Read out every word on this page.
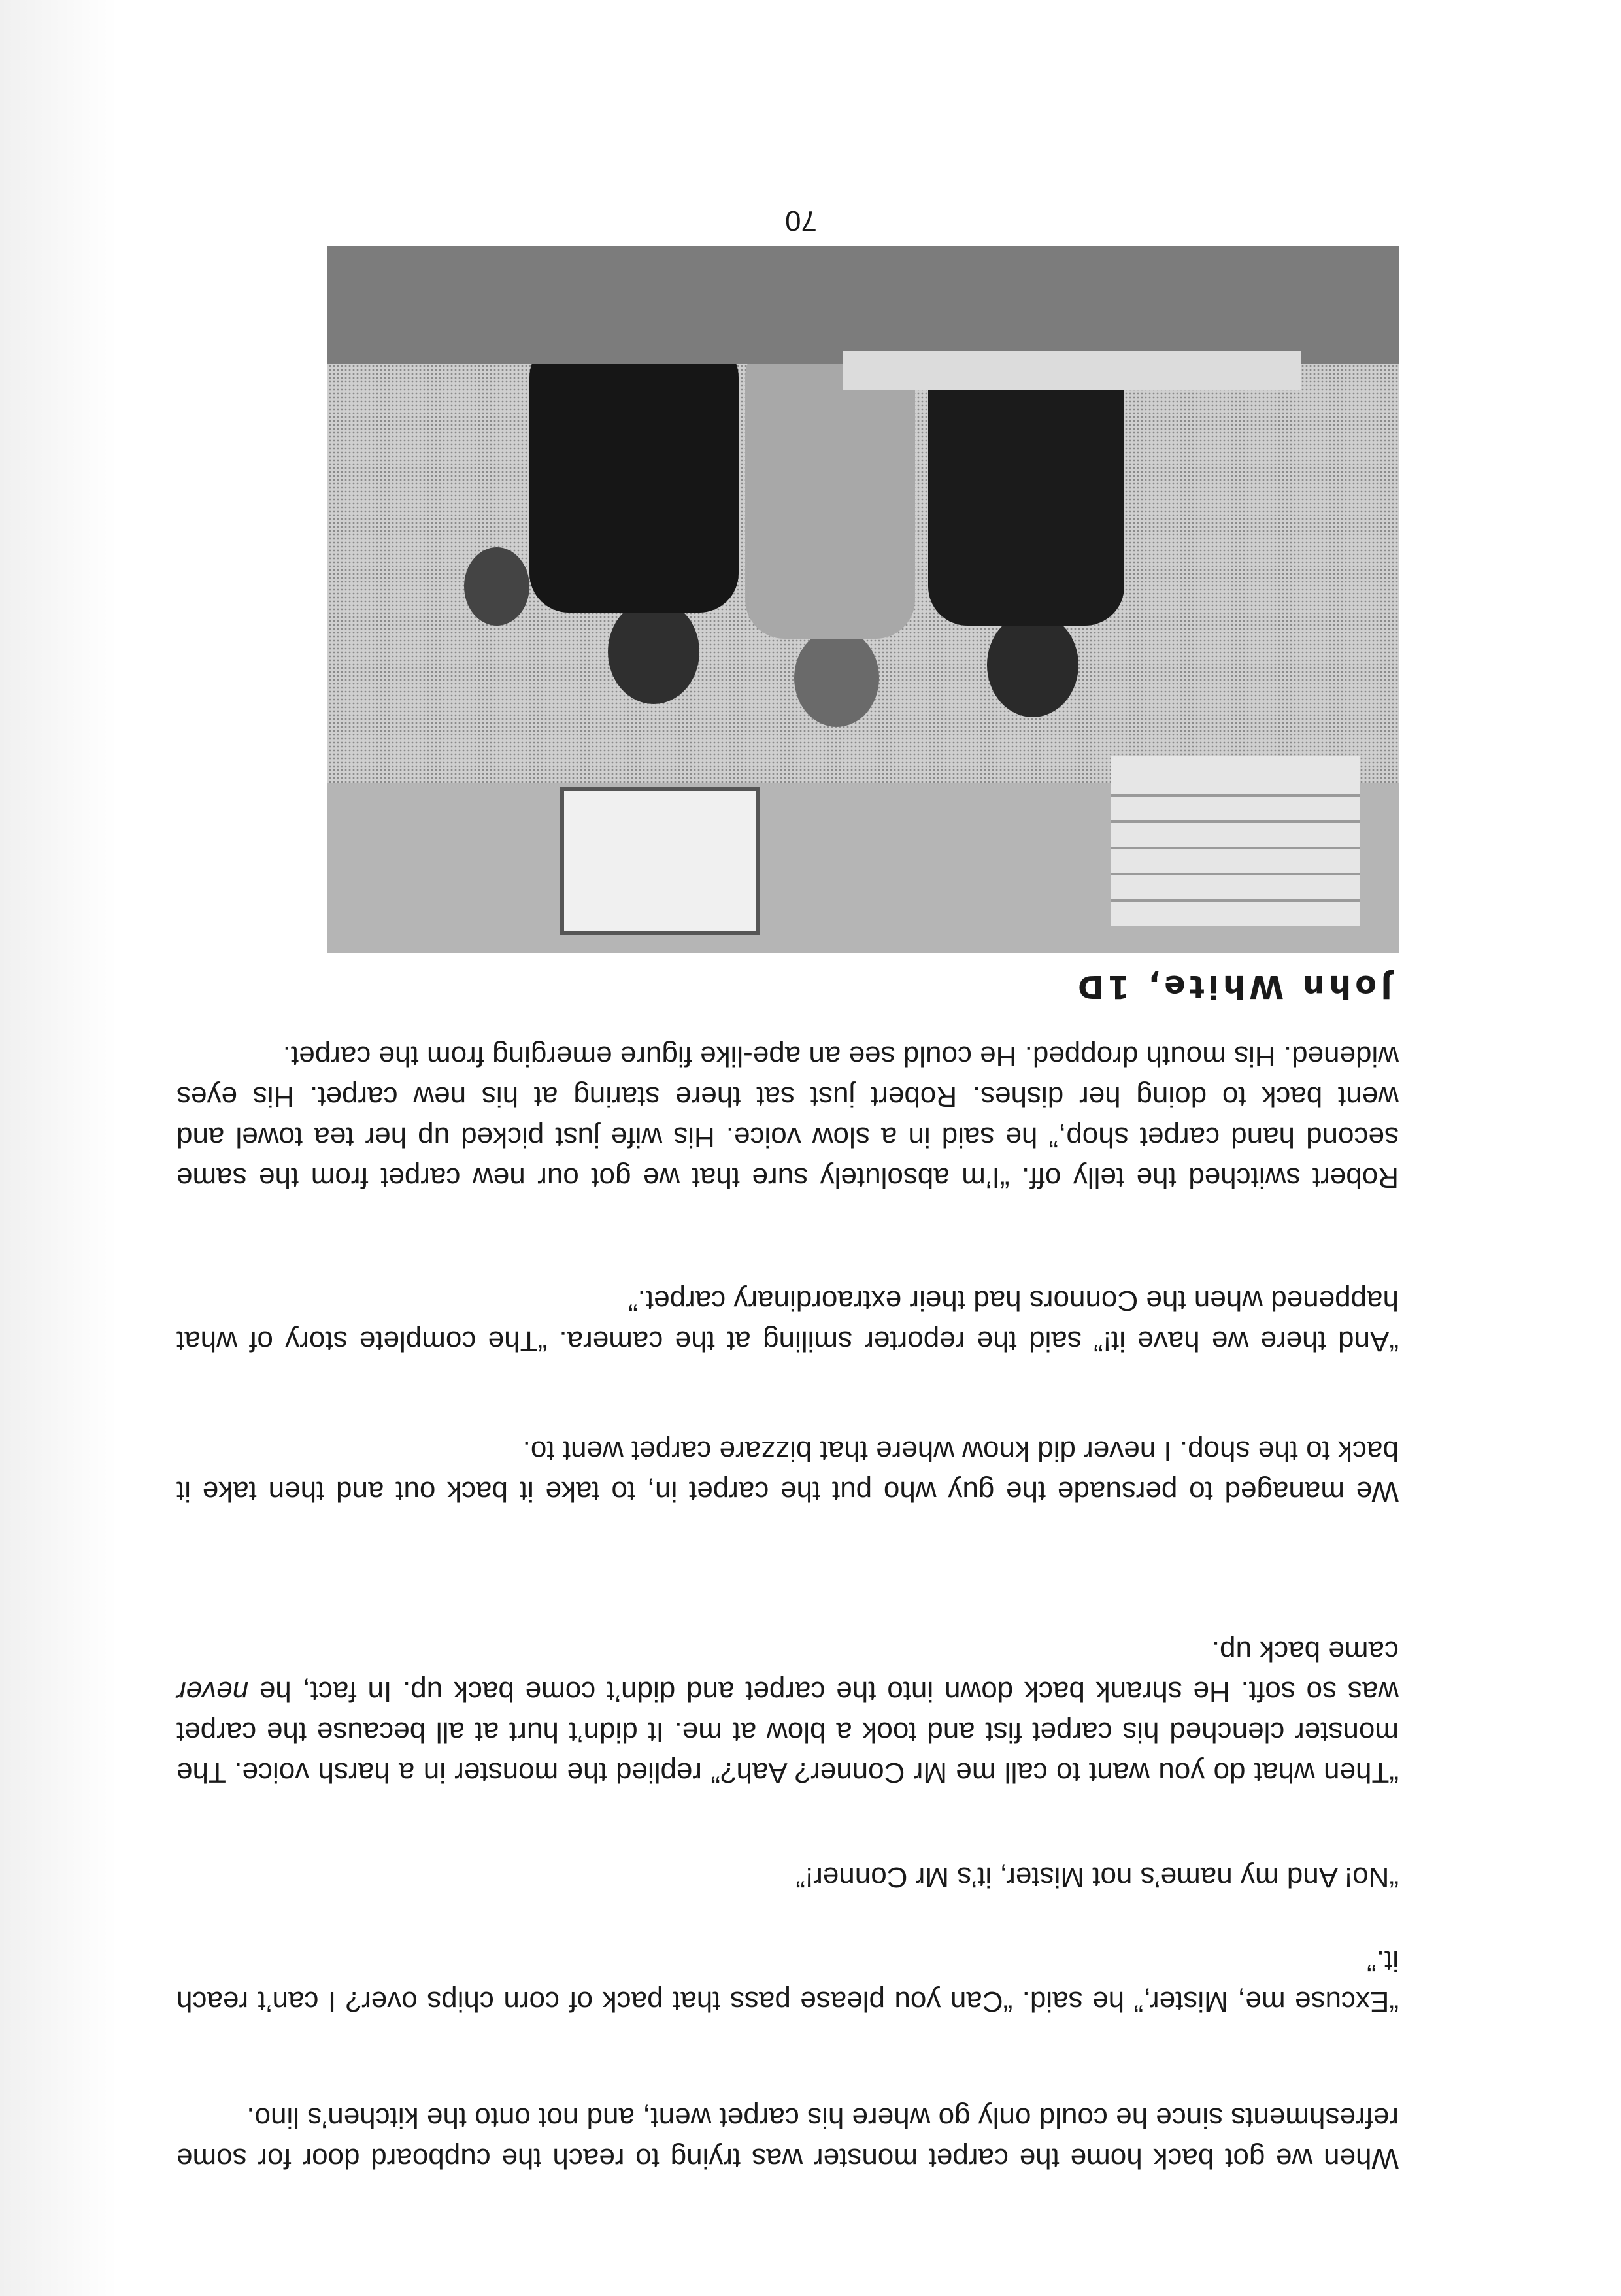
When we got back home the carpet monster was trying to reach the cupboard door for some refreshments since he could only go where his carpet went, and not onto the kitchen’s lino.

“Excuse me, Mister,” he said. “Can you please pass that pack of corn chips over? I can’t reach it.”

“No! And my name’s not Mister, it’s Mr Conner!”

“Then what do you want to call me Mr Conner? Aah?” replied the monster in a harsh voice. The monster clenched his carpet fist and took a blow at me. It didn’t hurt at all because the carpet was so soft. He shrank back down into the carpet and didn’t come back up. In fact, he never came back up.

We managed to persuade the guy who put the carpet in, to take it back out and then take it back to the shop. I never did know where that bizzare carpet went to.

“And there we have it!” said the reporter smiling at the camera. “The complete story of what happened when the Connors had their extraordinary carpet.”

Robert switched the telly off. “I’m absolutely sure that we got our new carpet from the same second hand carpet shop,” he said in a slow voice. His wife just picked up her tea towel and went back to doing her dishes. Robert just sat there staring at his new carpet. His eyes widened. His mouth dropped. He could see an ape-like figure emerging from the carpet.

John White, 1D
70
